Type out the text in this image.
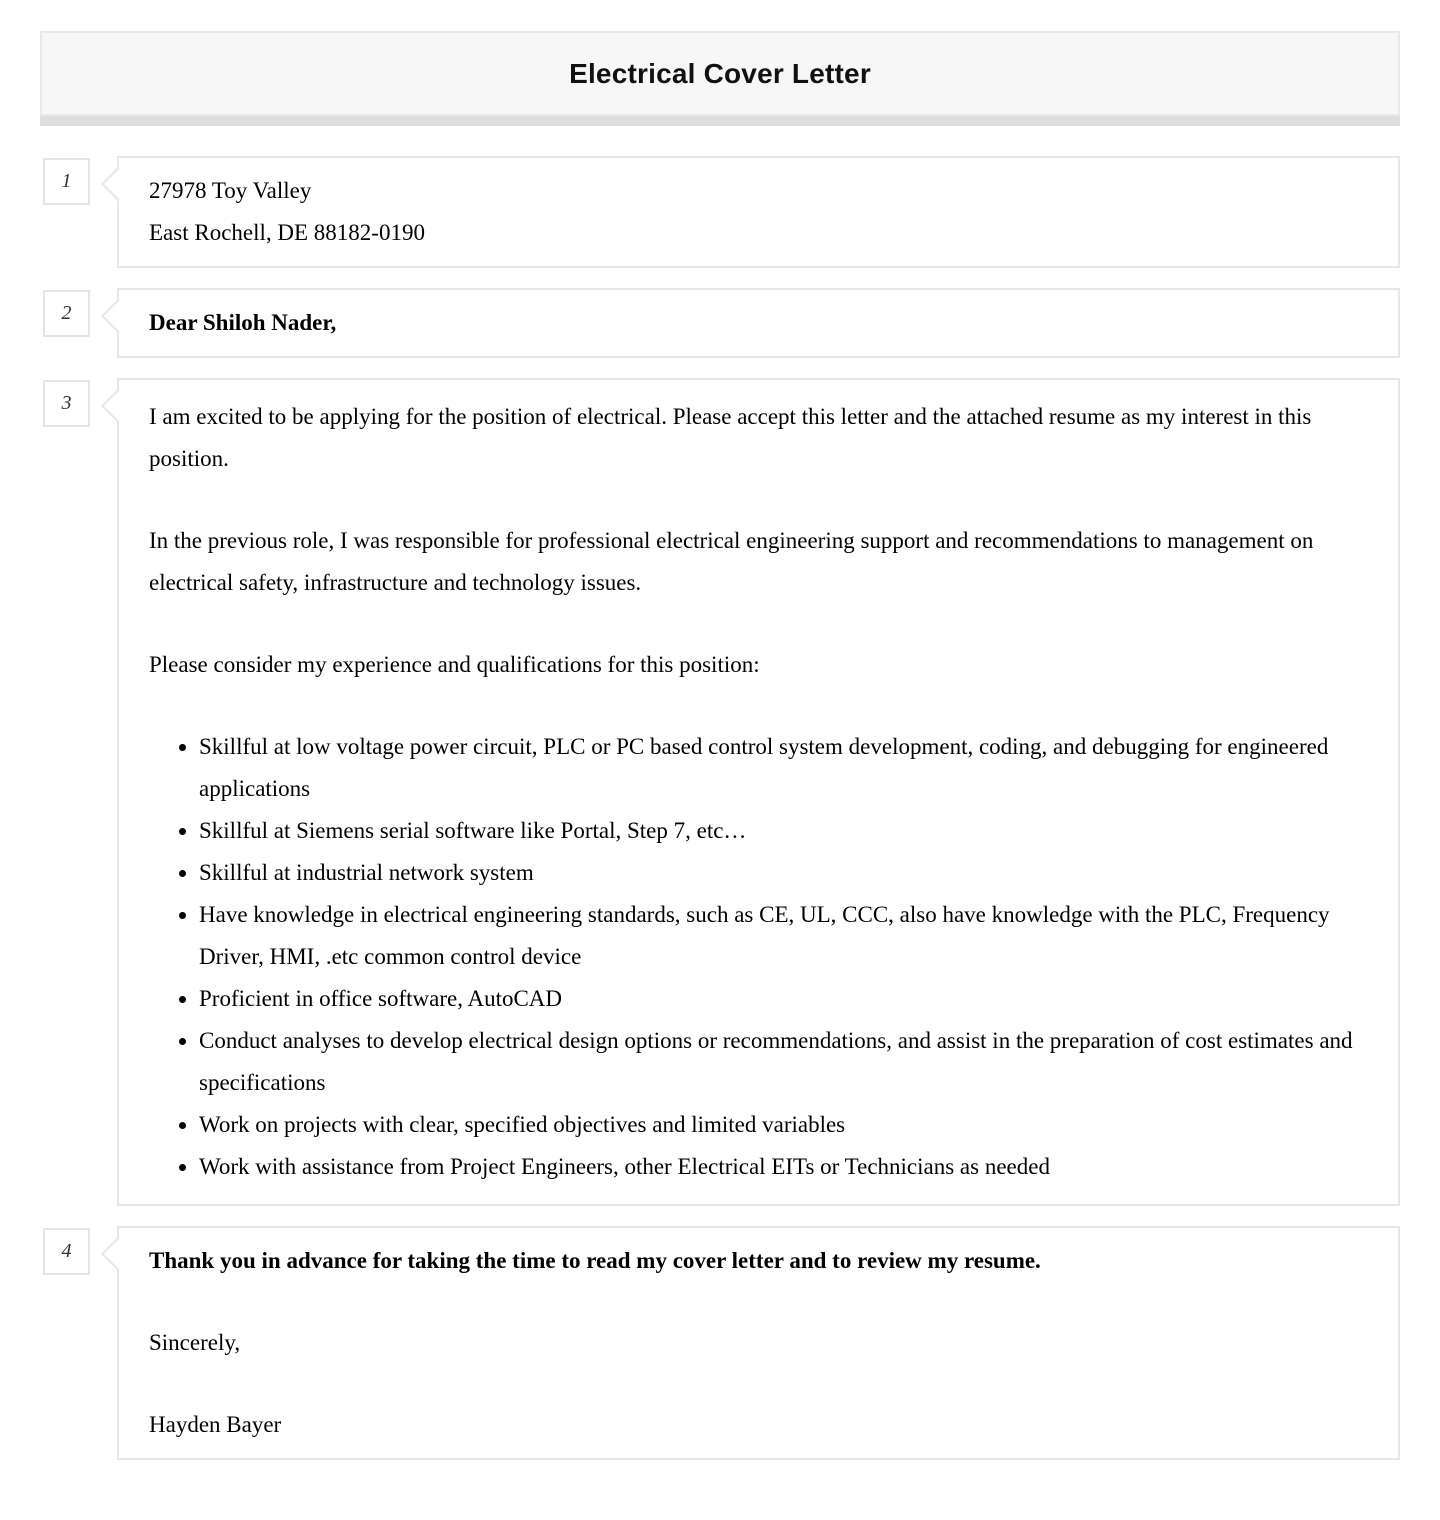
Electrical Cover Letter
1	27978 Toy Valley
East Rochell, DE 88182-0190
2	Dear Shiloh Nader,
3

I am excited to be applying for the position of electrical. Please accept this letter and the attached resume as my interest in this position.

In the previous role, I was responsible for professional electrical engineering support and recommendations to management on electrical safety, infrastructure and technology issues.

Please consider my experience and qualifications for this position:

• Skillful at low voltage power circuit, PLC or PC based control system development, coding, and debugging for engineered applications
• Skillful at Siemens serial software like Portal, Step 7, etc…
• Skillful at industrial network system
• Have knowledge in electrical engineering standards, such as CE, UL, CCC, also have knowledge with the PLC, Frequency Driver, HMI, .etc common control device
• Proficient in office software, AutoCAD
• Conduct analyses to develop electrical design options or recommendations, and assist in the preparation of cost estimates and specifications
• Work on projects with clear, specified objectives and limited variables
• Work with assistance from Project Engineers, other Electrical EITs or Technicians as needed
4	Thank you in advance for taking the time to read my cover letter and to review my resume.

Sincerely,

Hayden Bayer
